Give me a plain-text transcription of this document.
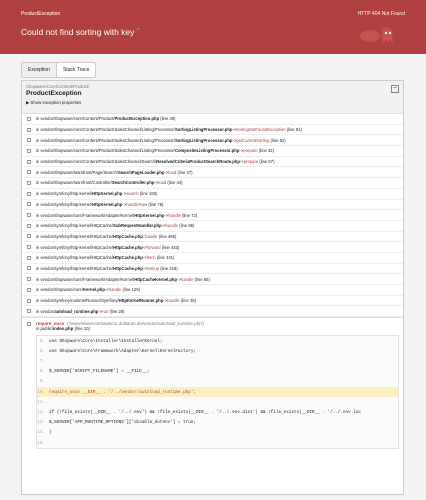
ProductException	HTTP 404 Not Found
Could not find sorting with key ""
Exception	Stack Trace
Shopware\Core\Content\Product\
ProductException
▶ Show exception properties
−
in vendor/shopware/core/Content/Product/ ProductException.php
(line 39)
in vendor/shopware/core/Content/Product/SalesChannel/Listing/Processor/ SortingListingProcessor.php -> sortingNotFoundException
(line 81)
in vendor/shopware/core/Content/Product/SalesChannel/Listing/Processor/ SortingListingProcessor.php -> getCurrentSorting
(line 52)
in vendor/shopware/core/Content/Product/SalesChannel/Listing/Processor/ CompositeListingProcessor.php -> prepare
(line 32)
in vendor/shopware/core/Content/Product/SalesChannel/Search/ ResolvedCriteriaProductSearchRoute.php -> prepare
(line 57)
in vendor/shopware/storefront/Page/Search/ SearchPageLoader.php -> load
(line 47)
in vendor/shopware/storefront/Controller/ SearchController.php -> load
(line 44)
in vendor/symfony/http-kernel/ HttpKernel.php -> search
(line 183)
in vendor/symfony/http-kernel/ HttpKernel.php -> handleRaw
(line 76)
in vendor/shopware/core/Framework/Adapter/Kernel/ HttpKernel.php -> handle
(line 72)
in vendor/symfony/http-kernel/HttpCache/ SubRequestHandler.php -> handle
(line 86)
in vendor/symfony/http-kernel/HttpCache/ HttpCache.php :: handle
(line 466)
in vendor/symfony/http-kernel/HttpCache/ HttpCache.php -> forward
(line 443)
in vendor/symfony/http-kernel/HttpCache/ HttpCache.php -> fetch
(line 341)
in vendor/symfony/http-kernel/HttpCache/ HttpCache.php -> lookup
(line 218)
in vendor/shopware/core/Framework/Adapter/Kernel/ HttpCacheKernel.php -> handle
(line 65)
in vendor/shopware/core/ Kernel.php -> handle
(line 129)
in vendor/symfony/runtime/Runner/Symfony/ HttpKernelRunner.php -> handle
(line 35)
in vendor/ autoload_runtime.php -> run
(line 29)
require_once ('/www/wwwroot/swdemo.dolitauto.de/vendor/autoload_runtime.php')
in public/index.php (line 10)
5. use Shopware\Core\Installer\InstallerKernel;
6. use Shopware\Core\Framework\Adapter\Kernel\KernelFactory;
7.
8. $_SERVER['SCRIPT_FILENAME'] = __FILE__;
9.
10. require_once __DIR__ . '/../vendor/autoload_runtime.php';
11.
12. if (!file_exists(__DIR__ . '/../.env') && !file_exists(__DIR__ . '/../.env.dist') && !file_exists(__DIR__ . '/../.env.loc
13. $_SERVER['APP_RUNTIME_OPTIONS']['disable_dotenv'] = true;
14. }
15.
